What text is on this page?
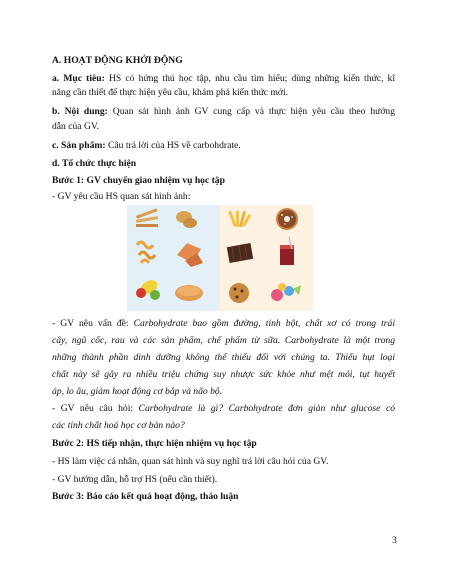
A. HOẠT ĐỘNG KHỞI ĐỘNG
a. Mục tiêu: HS có hứng thú học tập, nhu cầu tìm hiểu; dùng những kiến thức, kĩ
năng cần thiết để thực hiện yêu cầu, khám phá kiến thức mới.
b. Nội dung: Quan sát hình ảnh GV cung cấp và thực hiện yêu cầu theo hướng
dẫn của GV.
c. Sản phẩm: Câu trả lời của HS về carbohdrate.
d. Tổ chức thực hiện
Bước 1: GV chuyển giao nhiệm vụ học tập
- GV yêu cầu HS quan sát hình ảnh:
- GV nêu vấn đề: Carbohydrate bao gồm đường, tinh bột, chất xơ có trong trái
cây, ngũ cốc, rau và các sản phẩm, chế phẩm từ sữa. Carbohydrate là một trong
những thành phần dinh dưỡng không thể thiếu đối với chúng ta. Thiếu hụt loại
chất này sẽ gây ra nhiều triệu chứng suy nhược sức khỏe như mệt mỏi, tụt huyết
áp, lo âu, giảm hoạt động cơ bắp và não bộ.
- GV nêu câu hỏi: Carbohydrate là gì? Carbohydrate đơn giản như glucose có
các tính chất hoá học cơ bản nào?
Bước 2: HS tiếp nhận, thực hiện nhiệm vụ học tập
- HS làm việc cá nhân, quan sát hình và suy nghĩ trả lời câu hỏi của GV.
- GV hướng dẫn, hỗ trợ HS (nếu cần thiết).
Bước 3: Báo cáo kết quả hoạt động, thảo luận
3
